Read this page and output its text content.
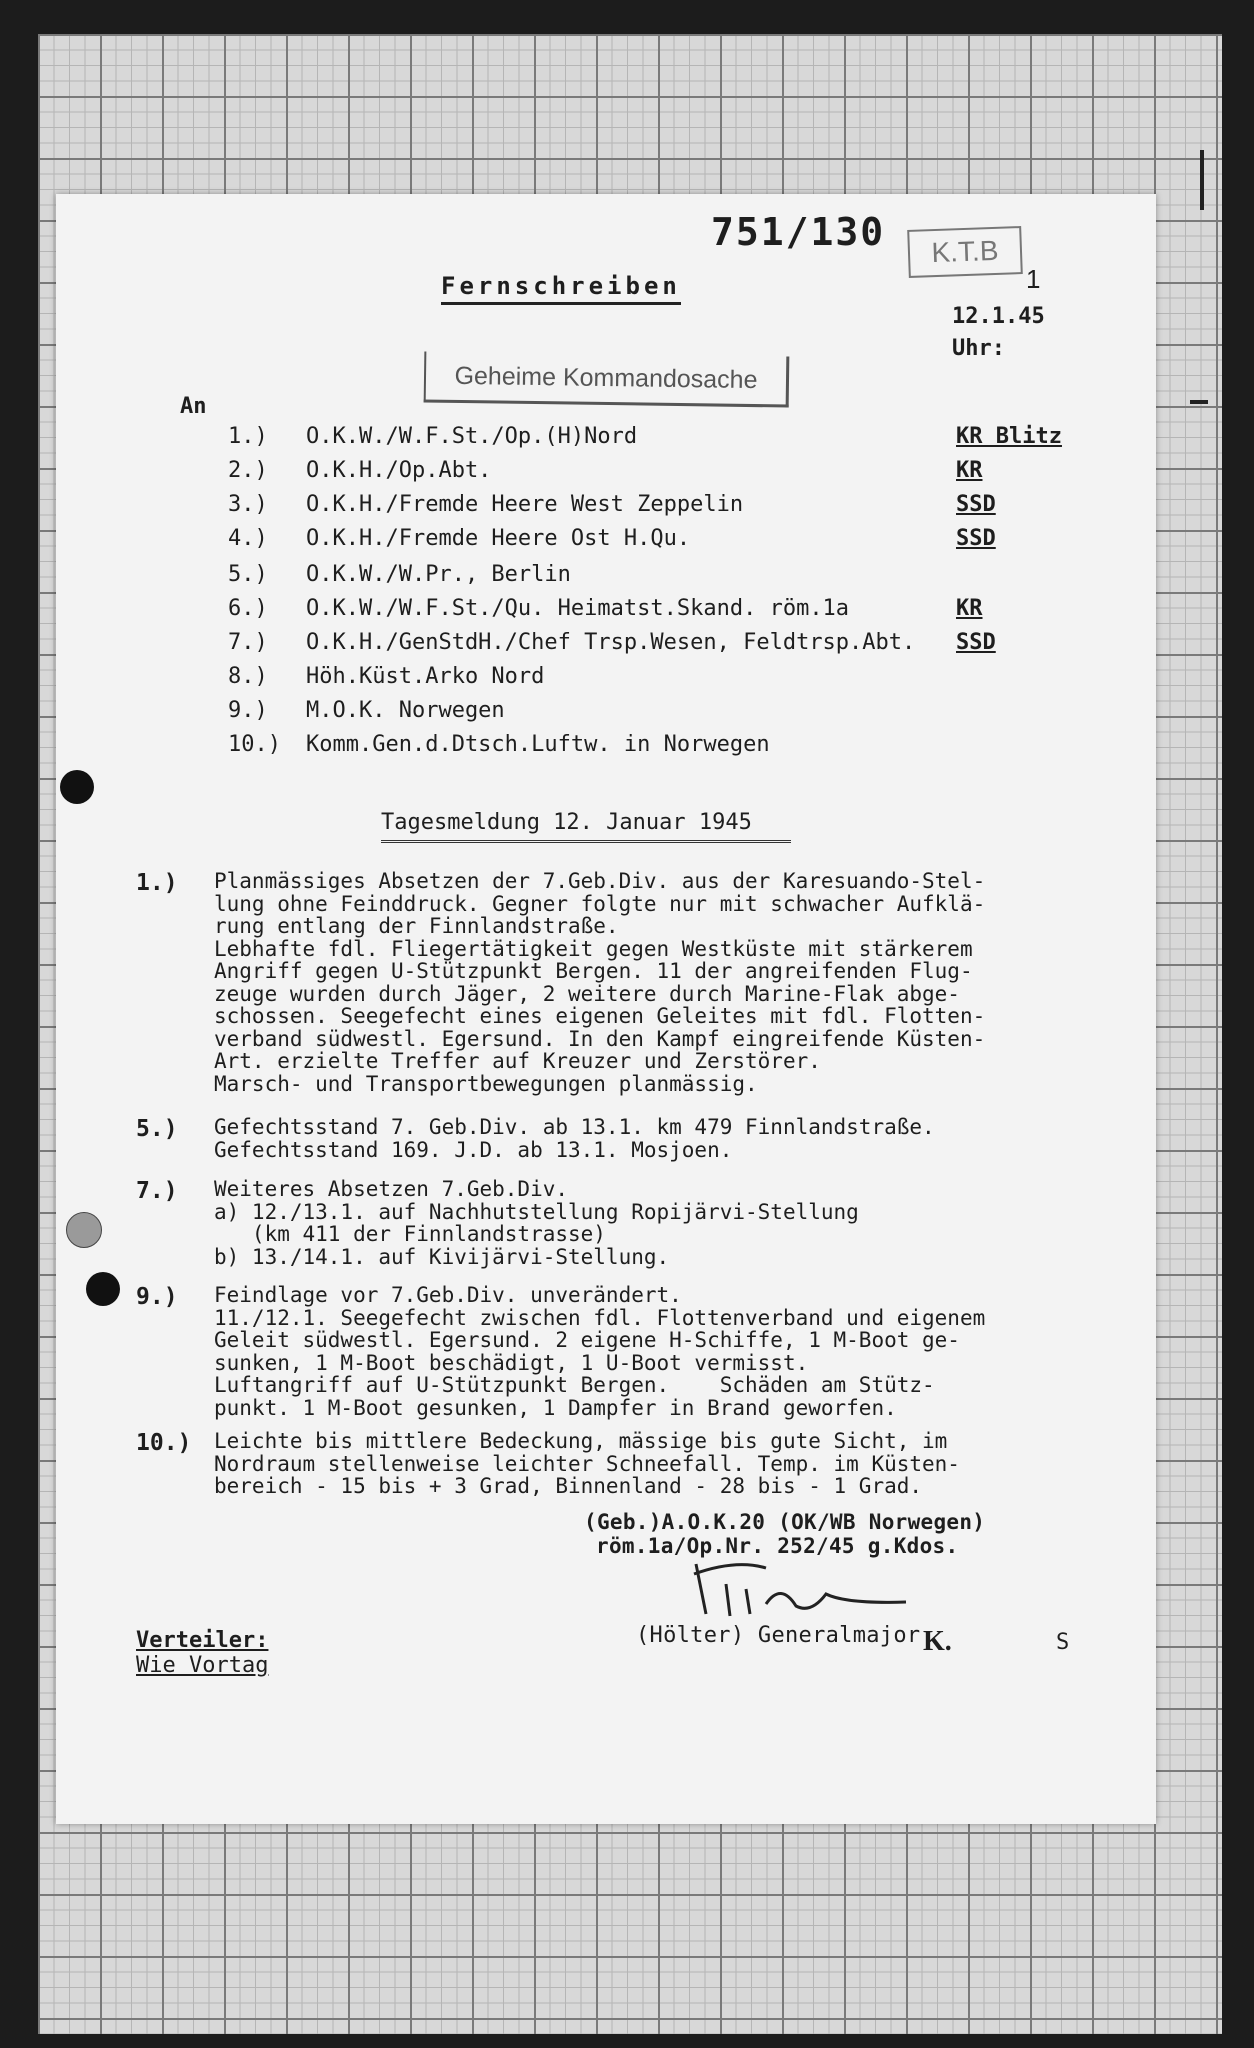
751/130	K.T.B
1
Fernschreiben
12.1.45
Uhr:
Geheime Kommandosache
An
1.) O.K.W./W.F.St./Op.(H)Nord	KR Blitz
2.) O.K.H./Op.Abt.	KR
3.) O.K.H./Fremde Heere West Zeppelin	SSD
4.) O.K.H./Fremde Heere Ost H.Qu.	SSD
5.) O.K.W./W.Pr., Berlin
6.) O.K.W./W.F.St./Qu. Heimatst.Skand. röm.1a	KR
7.) O.K.H./GenStdH./Chef Trsp.Wesen, Feldtrsp.Abt. SSD
8.) Höh.Küst.Arko Nord
9.) M.O.K. Norwegen
10.) Komm.Gen.d.Dtsch.Luftw. in Norwegen
Tagesmeldung 12. Januar 1945
1.) Planmässiges Absetzen der 7.Geb.Div. aus der Karesuando-Stel-
lung ohne Feinddruck. Gegner folgte nur mit schwacher Aufklä-
rung entlang der Finnlandstraße.
Lebhafte fdl. Fliegertätigkeit gegen Westküste mit stärkerem
Angriff gegen U-Stützpunkt Bergen. 11 der angreifenden Flug-
zeuge wurden durch Jäger, 2 weitere durch Marine-Flak abge-
schossen. Seegefecht eines eigenen Geleites mit fdl. Flotten-
verband südwestl. Egersund. In den Kampf eingreifende Küsten-
Art. erzielte Treffer auf Kreuzer und Zerstörer.
Marsch- und Transportbewegungen planmässig.
5.) Gefechtsstand 7. Geb.Div. ab 13.1. km 479 Finnlandstraße.
Gefechtsstand 169. J.D. ab 13.1. Mosjoen.
7.) Weiteres Absetzen 7.Geb.Div.
a) 12./13.1. auf Nachhutstellung Ropijärvi-Stellung
(km 411 der Finnlandstrasse)
b) 13./14.1. auf Kivijärvi-Stellung.
9.) Feindlage vor 7.Geb.Div. unverändert.
11./12.1. Seegefecht zwischen fdl. Flottenverband und eigenem
Geleit südwestl. Egersund. 2 eigene H-Schiffe, 1 M-Boot ge-
sunken, 1 M-Boot beschädigt, 1 U-Boot vermisst.
Luftangriff auf U-Stützpunkt Bergen.    Schäden am Stütz-
punkt. 1 M-Boot gesunken, 1 Dampfer in Brand geworfen.
10.) Leichte bis mittlere Bedeckung, mässige bis gute Sicht, im
Nordraum stellenweise leichter Schneefall. Temp. im Küsten-
bereich - 15 bis + 3 Grad, Binnenland - 28 bis - 1 Grad.
(Geb.)A.O.K.20 (OK/WB Norwegen)
röm.1a/Op.Nr. 252/45 g.Kdos.
(Hölter) Generalmajor K.	S
Verteiler:
Wie Vortag
